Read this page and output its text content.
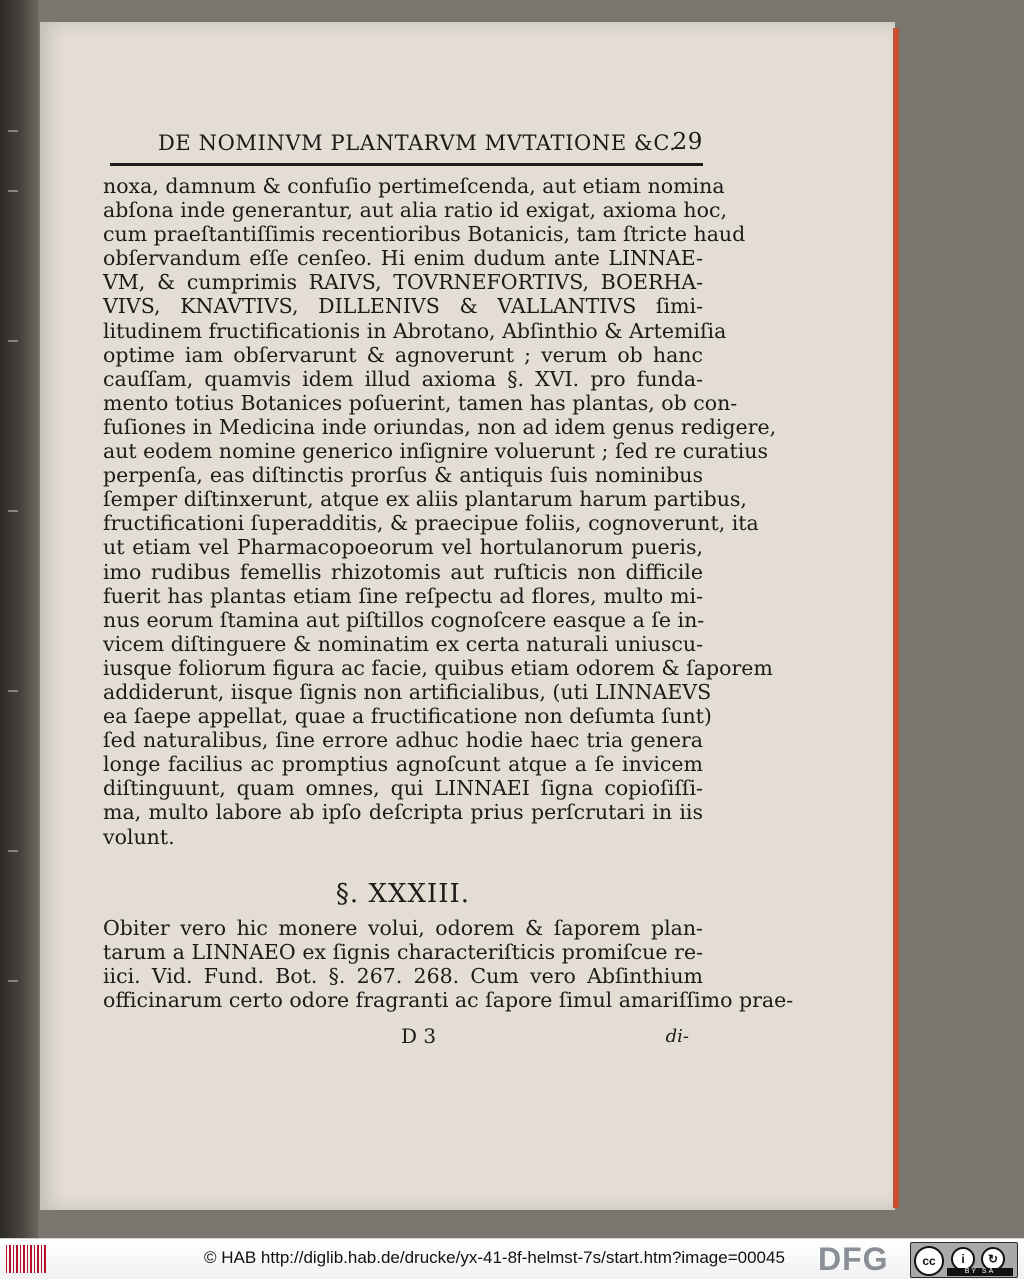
DE NOMINVM PLANTARVM MVTATIONE &C.
29
noxa, damnum & confuſio pertimeſcenda, aut etiam nomina
abſona inde generantur, aut alia ratio id exigat, axioma hoc,
cum praeſtantiſſimis recentioribus Botanicis, tam ſtricte haud
obſervandum eſſe cenſeo. Hi enim dudum ante LINNAE-
VM, & cumprimis RAIVS, TOVRNEFORTIVS, BOERHA-
VIVS, KNAVTIVS, DILLENIVS & VALLANTIVS ſimi-
litudinem fructificationis in Abrotano, Abſinthio & Artemiſia
optime iam obſervarunt & agnoverunt ; verum ob hanc
cauſſam, quamvis idem illud axioma §. XVI. pro funda-
mento totius Botanices poſuerint, tamen has plantas, ob con-
fuſiones in Medicina inde oriundas, non ad idem genus redigere,
aut eodem nomine generico inſignire voluerunt ; ſed re curatius
perpenſa, eas diſtinctis prorſus & antiquis ſuis nominibus
ſemper diſtinxerunt, atque ex aliis plantarum harum partibus,
fructificationi ſuperadditis, & praecipue foliis, cognoverunt, ita
ut etiam vel Pharmacopoeorum vel hortulanorum pueris,
imo rudibus femellis rhizotomis aut ruſticis non difficile
fuerit has plantas etiam ſine reſpectu ad flores, multo mi-
nus eorum ſtamina aut piſtillos cognoſcere easque a ſe in-
vicem diſtinguere & nominatim ex certa naturali uniuscu-
iusque foliorum figura ac facie, quibus etiam odorem & ſaporem
addiderunt, iisque ſignis non artificialibus, (uti LINNAEVS
ea ſaepe appellat, quae a fructificatione non deſumta ſunt)
ſed naturalibus, ſine errore adhuc hodie haec tria genera
longe facilius ac promptius agnoſcunt atque a ſe invicem
diſtinguunt, quam omnes, qui LINNAEI ſigna copioſiſſi-
ma, multo labore ab ipſo deſcripta prius perſcrutari in iis
volunt.
§. XXXIII.
Obiter vero hic monere volui, odorem & ſaporem plan-
tarum a LINNAEO ex ſignis characteriſticis promiſcue re-
iici. Vid. Fund. Bot. §. 267. 268. Cum vero Abſinthium
officinarum certo odore fragranti ac ſapore ſimul amariſſimo prae-
D 3	di-
© HAB http://diglib.hab.de/drucke/yx-41-8f-helmst-7s/start.htm?image=00045 DFG	cc	i	↻
BY SA
